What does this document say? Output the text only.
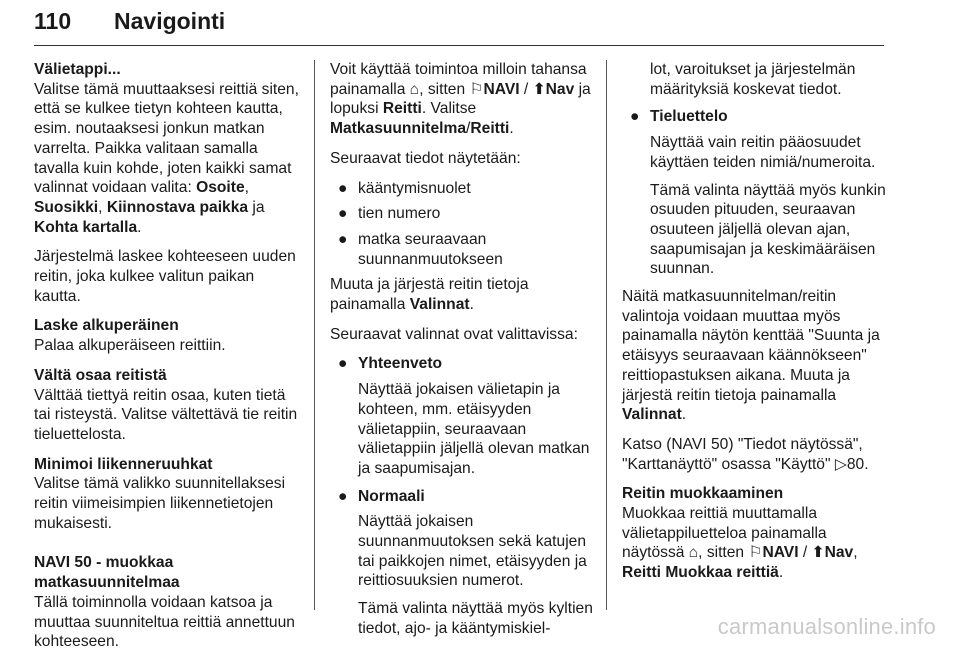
110 Navigointi

Välietappi...
Valitse tämä muuttaaksesi reittiä siten, että se kulkee tietyn kohteen kautta, esim. noutaaksesi jonkun matkan varrelta. Paikka valitaan samalla tavalla kuin kohde, joten kaikki samat valinnat voidaan valita: Osoite, Suosikki, Kiinnostava paikka ja Kohta kartalla.

Järjestelmä laskee kohteeseen uuden reitin, joka kulkee valitun paikan kautta.

Laske alkuperäinen
Palaa alkuperäiseen reittiin.

Vältä osaa reitistä
Välttää tiettyä reitin osaa, kuten tietä tai risteystä. Valitse vältettävä tie reitin tieluettelosta.

Minimoi liikenneruuhkat
Valitse tämä valikko suunnitellaksesi reitin viimeisimpien liikennetietojen mukaisesti.

NAVI 50 - muokkaa
matkasuunnitelmaa
Tällä toiminnolla voidaan katsoa ja muuttaa suunniteltua reittiä annettuun kohteeseen.

Voit käyttää toimintoa milloin tahansa painamalla ⌂, sitten ⚐NAVI / ⬆Nav ja lopuksi Reitti. Valitse Matkasuunnitelma/Reitti.

Seuraavat tiedot näytetään:

● kääntymisnuolet
● tien numero
● matka seuraavaan suunnanmuutokseen

Muuta ja järjestä reitin tietoja painamalla Valinnat.

Seuraavat valinnat ovat valittavissa:

● Yhteenveto

Näyttää jokaisen välietapin ja kohteen, mm. etäisyyden välietappiin, seuraavaan välietappiin jäljellä olevan matkan ja saapumisajan.

● Normaali

Näyttää jokaisen suunnanmuutoksen sekä katujen tai paikkojen nimet, etäisyyden ja reittiosuuksien numerot.

Tämä valinta näyttää myös kyltien tiedot, ajo- ja kääntymiskiel-

lot, varoitukset ja järjestelmän määrityksiä koskevat tiedot.

● Tieluettelo

Näyttää vain reitin pääosuudet käyttäen teiden nimiä/numeroita.

Tämä valinta näyttää myös kunkin osuuden pituuden, seuraavan osuuteen jäljellä olevan ajan, saapumisajan ja keskimääräisen suunnan.

Näitä matkasuunnitelman/reitin valintoja voidaan muuttaa myös painamalla näytön kenttää "Suunta ja etäisyys seuraavaan käännökseen" reittiopastuksen aikana. Muuta ja järjestä reitin tietoja painamalla Valinnat.

Katso (NAVI 50) "Tiedot näytössä", "Karttanäyttö" osassa "Käyttö" ▷80.

Reitin muokkaaminen
Muokkaa reittiä muuttamalla välietappiluetteloa painamalla näytössä ⌂, sitten ⚐NAVI / ⬆Nav, Reitti Muokkaa reittiä.

carmanualsonline.info
